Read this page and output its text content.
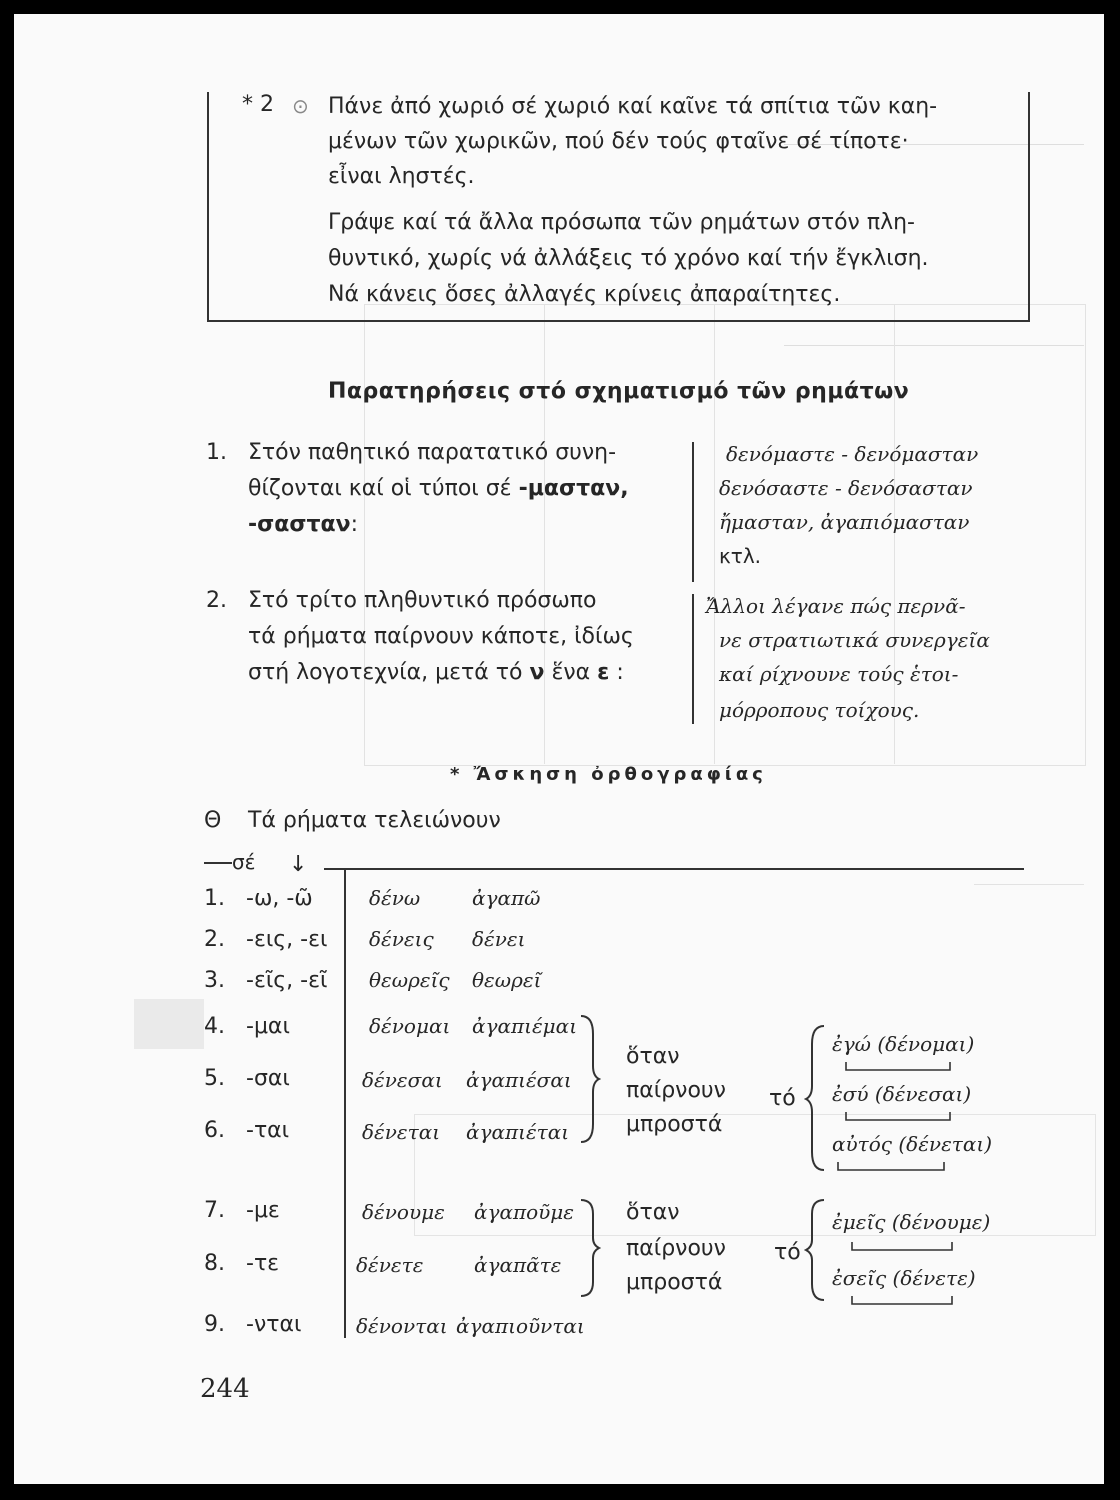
* 2 ⊙ Πάνε ἀπό χωριό σέ χωριό καί καῖνε τά σπίτια τῶν καη-
μένων τῶν χωρικῶν, πού δέν τούς φταῖνε σέ τίποτε·
εἶναι ληστές.
Γράψε καί τά ἄλλα πρόσωπα τῶν ρημάτων στόν πλη-
θυντικό, χωρίς νά ἀλλάξεις τό χρόνο καί τήν ἔγκλιση.
Νά κάνεις ὅσες ἀλλαγές κρίνεις ἀπαραίτητες.
Παρατηρήσεις στό σχηματισμό τῶν ρημάτων
1. Στόν παθητικό παρατατικό συνη-
θίζονται καί οἱ τύποι σέ -μασταν,
-σασταν:
δενόμαστε - δενόμασταν
δενόσαστε - δενόσασταν
ἤμασταν, ἀγαπιόμασταν
κτλ.
2. Στό τρίτο πληθυντικό πρόσωπο
τά ρήματα παίρνουν κάποτε, ἰδίως
στή λογοτεχνία, μετά τό ν ἕνα ε :
Ἄλλοι λέγανε πώς περνᾶ-
νε στρατιωτικά συνεργεῖα
καί ρίχνουνε τούς ἑτοι-
μόρροπους τοίχους.
* Ἄσκηση ὀρθογραφίας
Θ Τά ρήματα τελειώνουν
σέ ↓
1. -ω, -ῶ	δένω	ἀγαπῶ
2. -εις, -ει δένεις δένει
3. -εῖς, -εῖ θεωρεῖς θεωρεῖ
4. -μαι	δένομαι ἀγαπιέμαι
5. -σαι	δένεσαι ἀγαπιέσαι
6. -ται	δένεται ἀγαπιέται
7. -με	δένουμε ἀγαποῦμε
8. -τε	δένετε	ἀγαπᾶτε
9. -νται	δένονται ἀγαπιοῦνται
ὅταν
παίρνουν
μπροστά
τό
ἐγώ (δένομαι)
ἐσύ (δένεσαι)
αὐτός (δένεται)
ὅταν
παίρνουν
μπροστά
τό
ἐμεῖς (δένουμε)
ἐσεῖς (δένετε)
244
